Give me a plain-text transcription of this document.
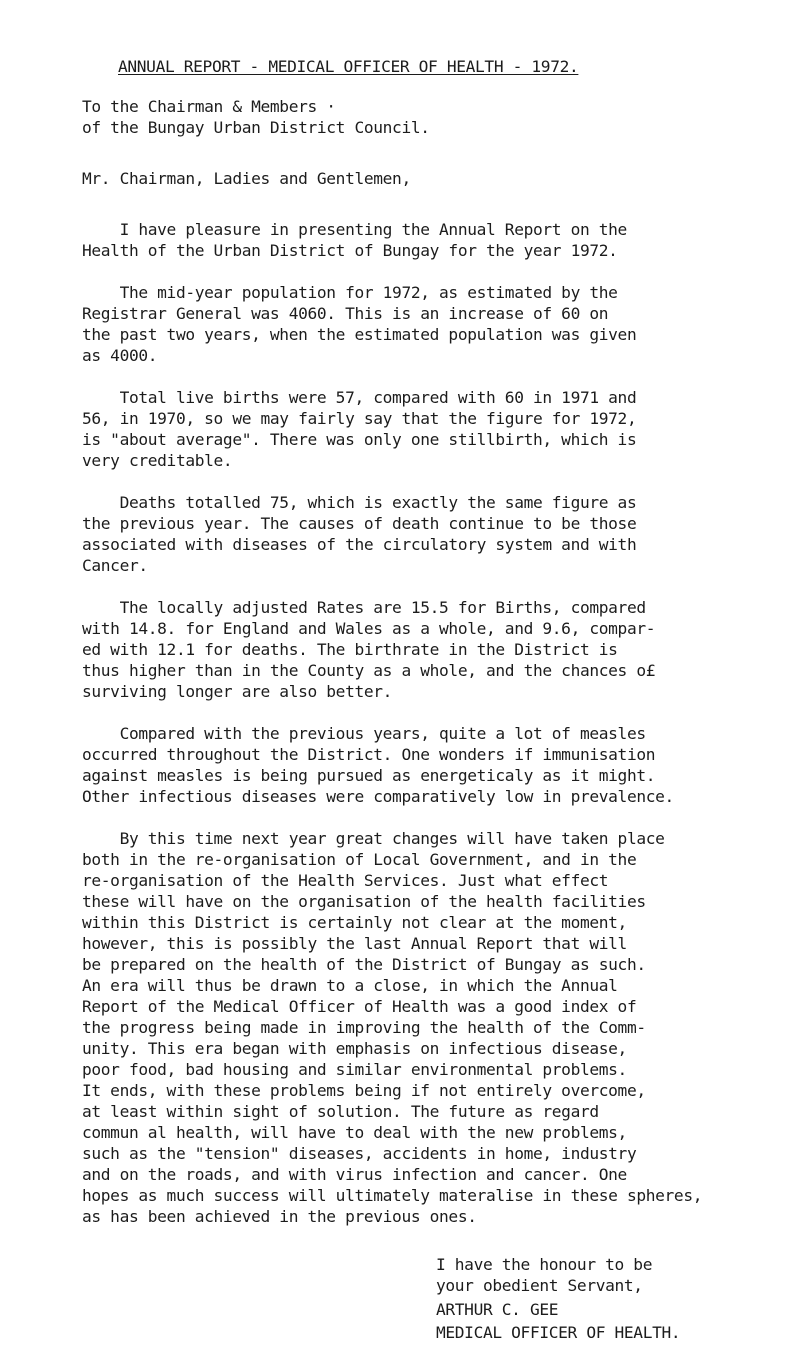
ANNUAL REPORT - MEDICAL OFFICER OF HEALTH - 1972.
To the Chairman & Members ·
of the Bungay Urban District Council.
Mr. Chairman, Ladies and Gentlemen,
I have pleasure in presenting the Annual Report on the
Health of the Urban District of Bungay for the year 1972.
The mid-year population for 1972, as estimated by the
Registrar General was 4060. This is an increase of 60 on
the past two years, when the estimated population was given
as 4000.
Total live births were 57, compared with 60 in 1971 and
56, in 1970, so we may fairly say that the figure for 1972,
is "about average". There was only one stillbirth, which is
very creditable.
Deaths totalled 75, which is exactly the same figure as
the previous year. The causes of death continue to be those
associated with diseases of the circulatory system and with
Cancer.
The locally adjusted Rates are 15.5 for Births, compared
with 14.8. for England and Wales as a whole, and 9.6, compar-
ed with 12.1 for deaths. The birthrate in the District is
thus higher than in the County as a whole, and the chances o£
surviving longer are also better.
Compared with the previous years, quite a lot of measles
occurred throughout the District. One wonders if immunisation
against measles is being pursued as energeticaly as it might.
Other infectious diseases were comparatively low in prevalence.
By this time next year great changes will have taken place
both in the re-organisation of Local Government, and in the
re-organisation of the Health Services. Just what effect
these will have on the organisation of the health facilities
within this District is certainly not clear at the moment,
however, this is possibly the last Annual Report that will
be prepared on the health of the District of Bungay as such.
An era will thus be drawn to a close, in which the Annual
Report of the Medical Officer of Health was a good index of
the progress being made in improving the health of the Comm-
unity. This era began with emphasis on infectious disease,
poor food, bad housing and similar environmental problems.
It ends, with these problems being if not entirely overcome,
at least within sight of solution. The future as regard
commun al health, will have to deal with the new problems,
such as the "tension" diseases, accidents in home, industry
and on the roads, and with virus infection and cancer. One
hopes as much success will ultimately materalise in these spheres,
as has been achieved in the previous ones.
I have the honour to be
your obedient Servant,
ARTHUR C. GEE
MEDICAL OFFICER OF HEALTH.
